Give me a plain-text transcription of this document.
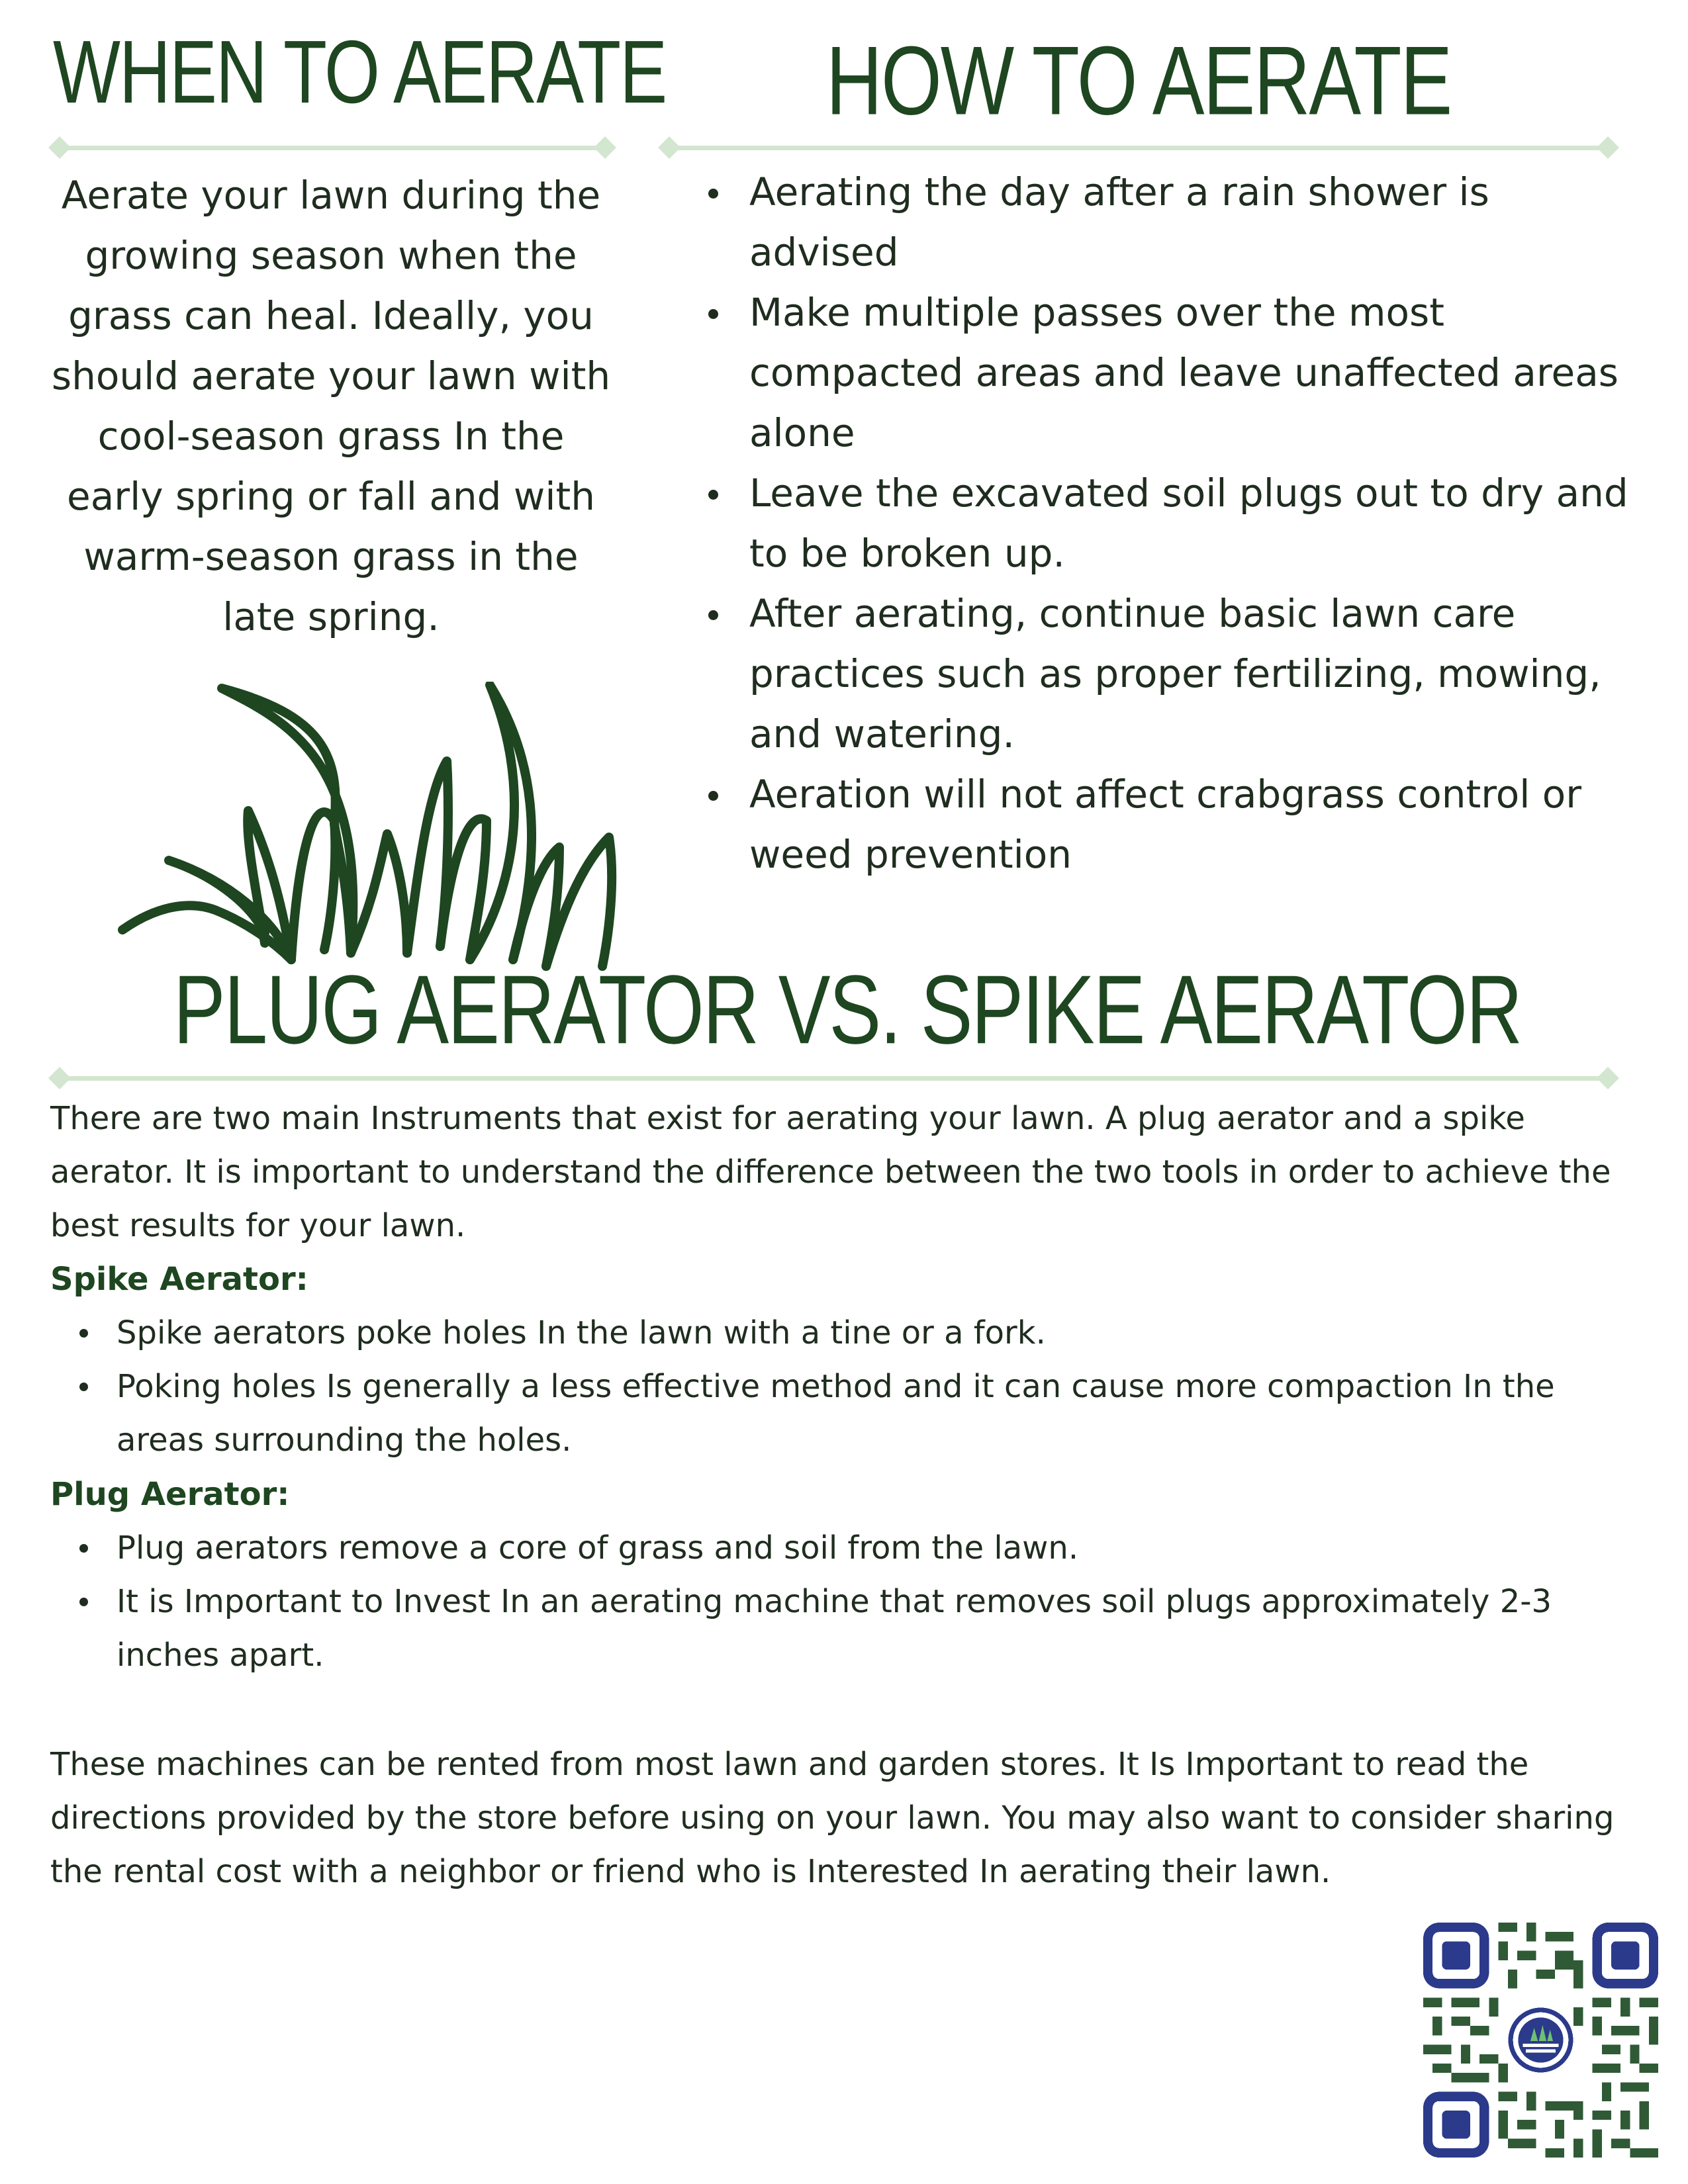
WHEN TO AERATE
Aerate your lawn during the growing season when the grass can heal. Ideally, you should aerate your lawn with cool-season grass In the early spring or fall and with warm-season grass in the late spring.
HOW TO AERATE
Aerating the day after a rain shower is advised
Make multiple passes over the most compacted areas and leave unaffected areas alone
Leave the excavated soil plugs out to dry and to be broken up.
After aerating, continue basic lawn care practices such as proper fertilizing, mowing, and watering.
Aeration will not affect crabgrass control or weed prevention
PLUG AERATOR VS. SPIKE AERATOR
There are two main Instruments that exist for aerating your lawn. A plug aerator and a spike aerator. It is important to understand the difference between the two tools in order to achieve the best results for your lawn.
Spike Aerator:
Spike aerators poke holes In the lawn with a tine or a fork.
Poking holes Is generally a less effective method and it can cause more compaction In the areas surrounding the holes.
Plug Aerator:
Plug aerators remove a core of grass and soil from the lawn.
It is Important to Invest In an aerating machine that removes soil plugs approximately 2-3 inches apart.
These machines can be rented from most lawn and garden stores. It Is Important to read the directions provided by the store before using on your lawn. You may also want to consider sharing the rental cost with a neighbor or friend who is Interested In aerating their lawn.
